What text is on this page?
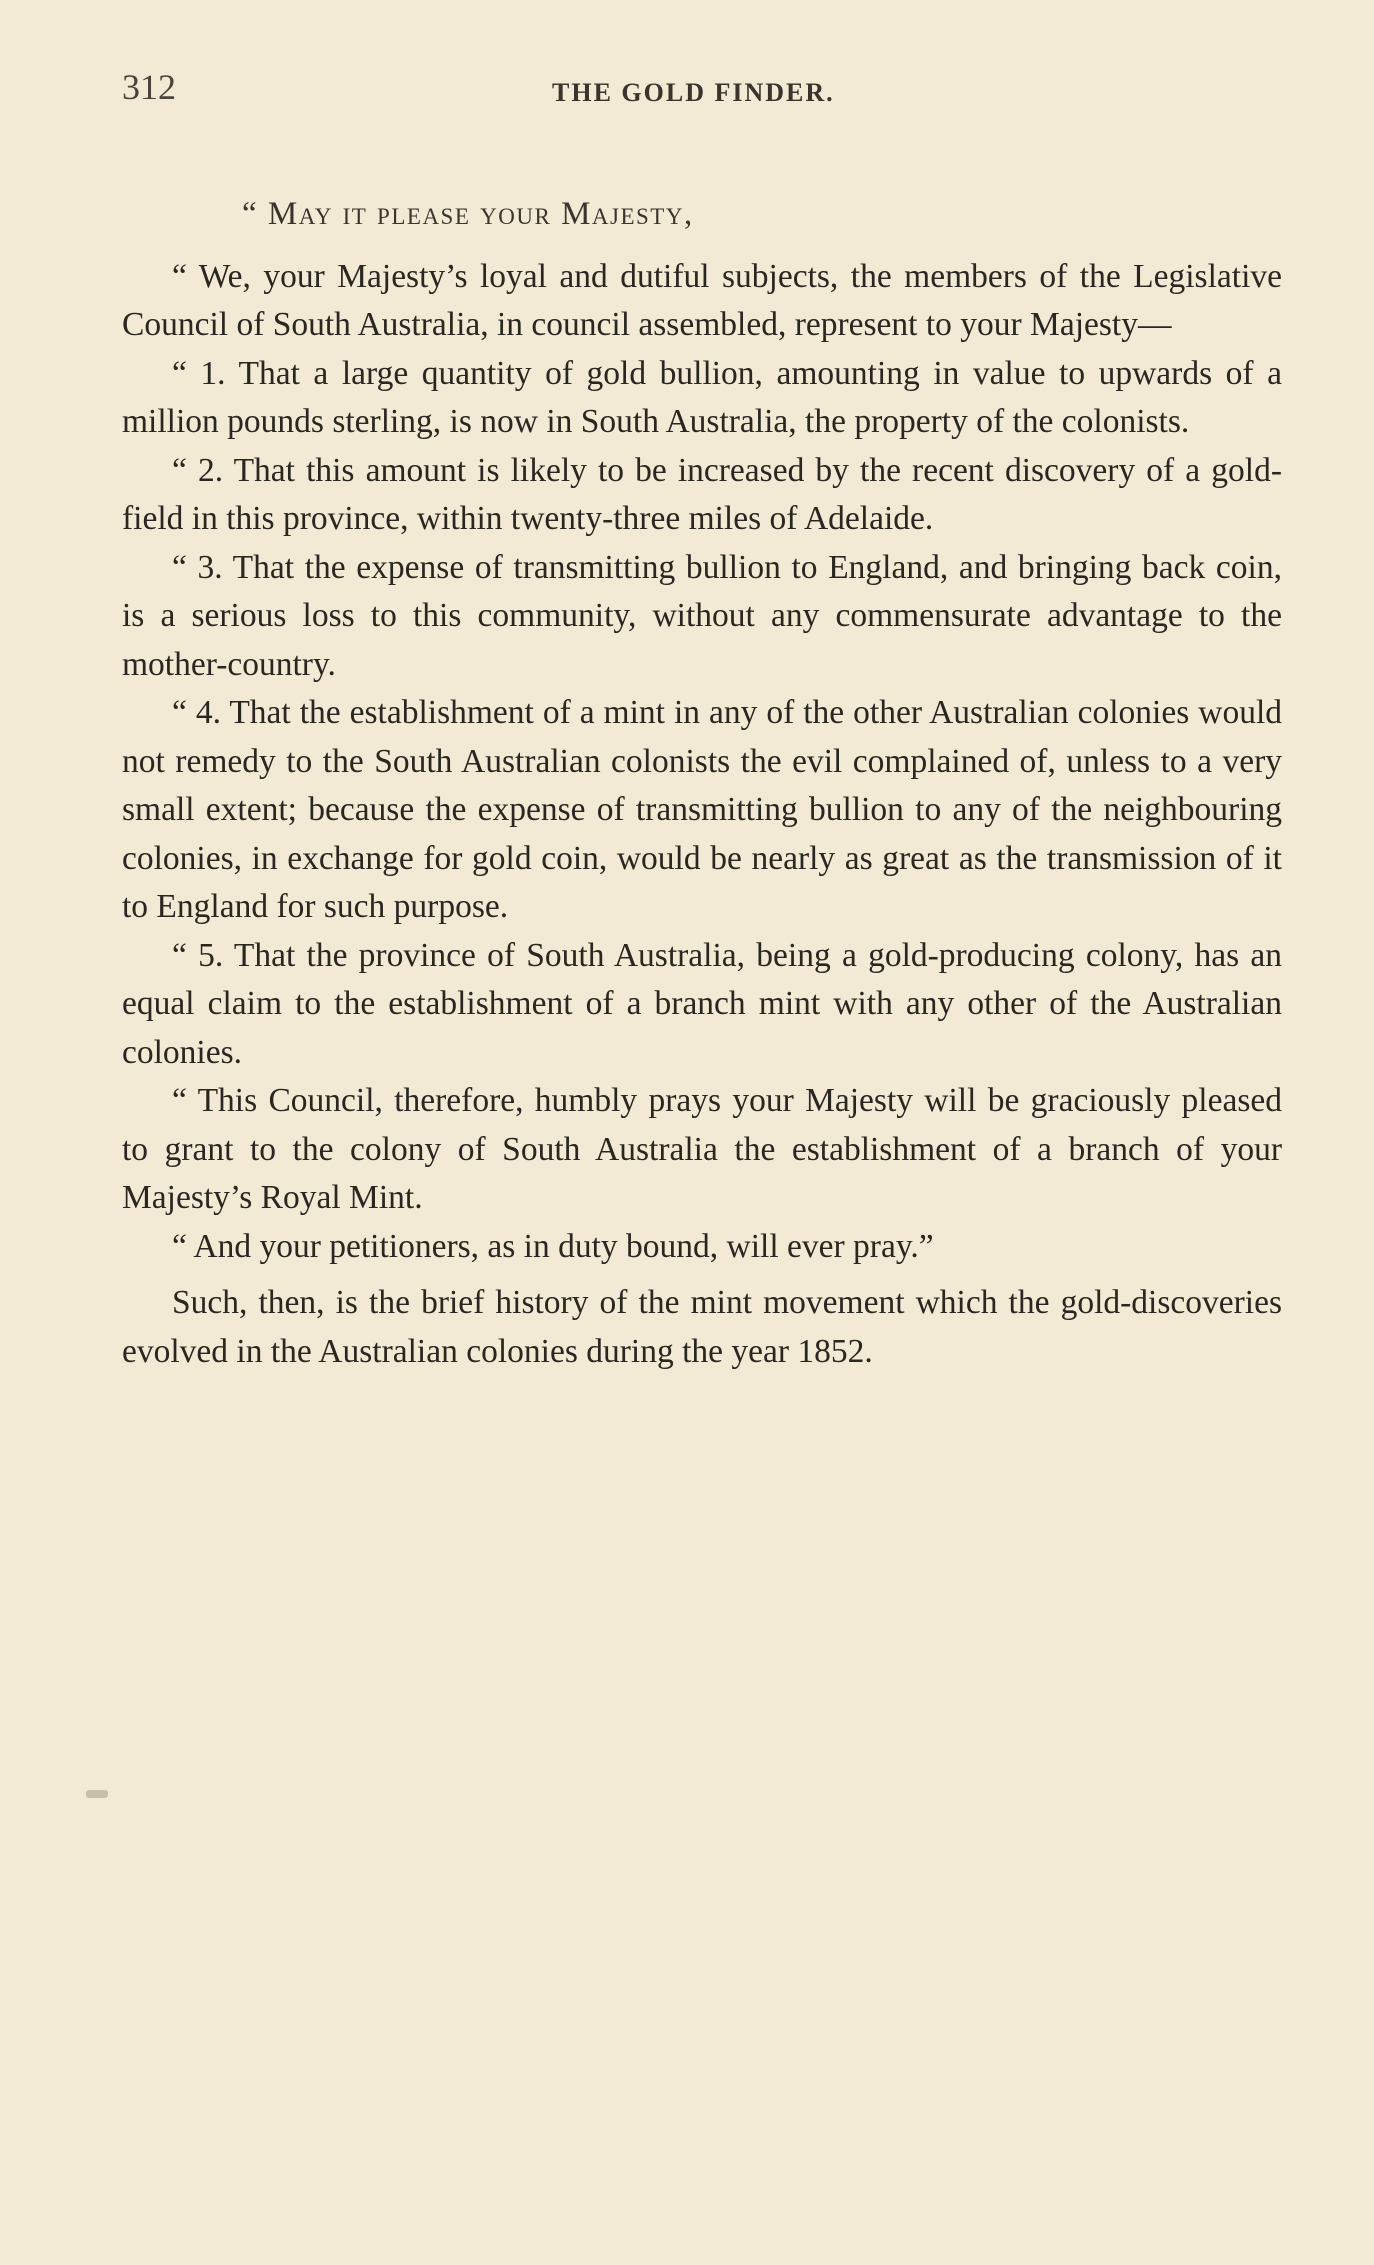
312	THE GOLD FINDER.

“ May it please your Majesty,

“ We, your Majesty’s loyal and dutiful subjects, the members of the Legislative Council of South Australia, in council assembled, represent to your Majesty—

“ 1. That a large quantity of gold bullion, amounting in value to upwards of a million pounds sterling, is now in South Australia, the property of the colonists.

“ 2. That this amount is likely to be increased by the recent discovery of a gold-field in this province, within twenty-three miles of Adelaide.

“ 3. That the expense of transmitting bullion to England, and bringing back coin, is a serious loss to this community, without any commensurate advantage to the mother-country.

“ 4. That the establishment of a mint in any of the other Australian colonies would not remedy to the South Australian colonists the evil complained of, unless to a very small extent; because the expense of transmitting bullion to any of the neighbouring colonies, in exchange for gold coin, would be nearly as great as the transmission of it to England for such purpose.

“ 5. That the province of South Australia, being a gold-producing colony, has an equal claim to the establishment of a branch mint with any other of the Australian colonies.

“ This Council, therefore, humbly prays your Majesty will be graciously pleased to grant to the colony of South Australia the establishment of a branch of your Majesty’s Royal Mint.

“ And your petitioners, as in duty bound, will ever pray.”

Such, then, is the brief history of the mint movement which the gold-discoveries evolved in the Australian colonies during the year 1852.
